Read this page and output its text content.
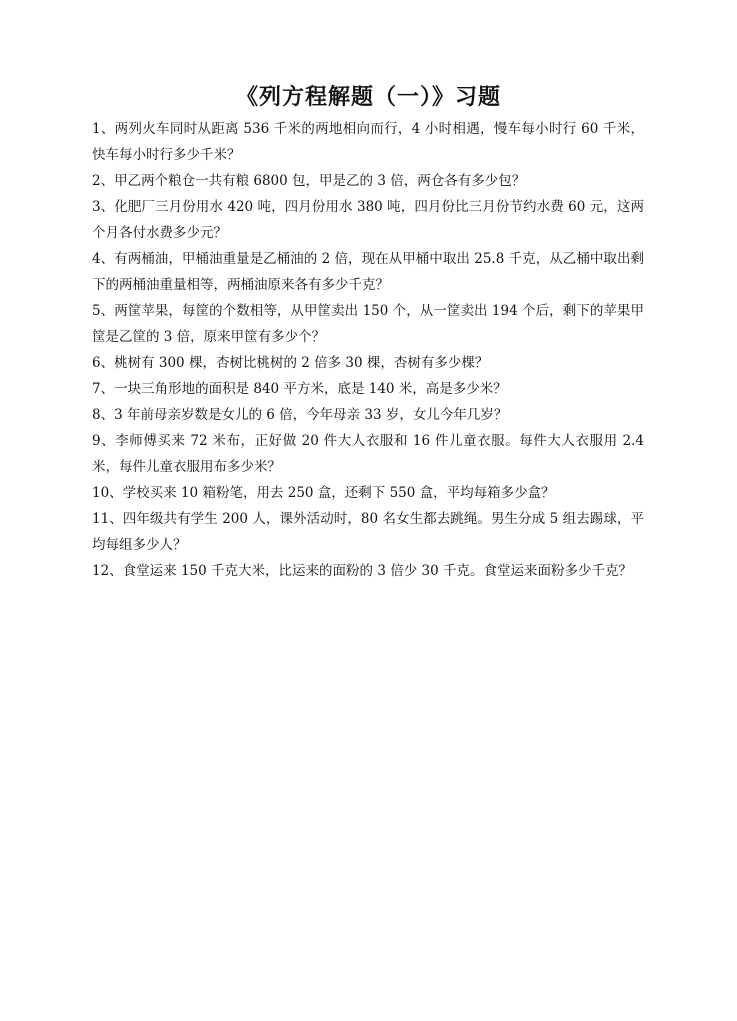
《列方程解题（一）》习题

1、两列火车同时从距离 536 千米的两地相向而行，4 小时相遇，慢车每小时行 60 千米，快车每小时行多少千米？

2、甲乙两个粮仓一共有粮 6800 包，甲是乙的 3 倍，两仓各有多少包？

3、化肥厂三月份用水 420 吨，四月份用水 380 吨，四月份比三月份节约水费 60 元，这两个月各付水费多少元？

4、有两桶油，甲桶油重量是乙桶油的 2 倍，现在从甲桶中取出 25.8 千克，从乙桶中取出剩下的两桶油重量相等，两桶油原来各有多少千克？

5、两筐苹果，每筐的个数相等，从甲筐卖出 150 个，从一筐卖出 194 个后，剩下的苹果甲筐是乙筐的 3 倍，原来甲筐有多少个？

6、桃树有 300 棵，杏树比桃树的 2 倍多 30 棵，杏树有多少棵？

7、一块三角形地的面积是 840 平方米，底是 140 米，高是多少米？

8、3 年前母亲岁数是女儿的 6 倍，今年母亲 33 岁，女儿今年几岁？

9、李师傅买来 72 米布，正好做 20 件大人衣服和 16 件儿童衣服。每件大人衣服用 2.4 米，每件儿童衣服用布多少米？

10、学校买来 10 箱粉笔，用去 250 盒，还剩下 550 盒，平均每箱多少盒？

11、四年级共有学生 200 人，课外活动时，80 名女生都去跳绳。男生分成 5 组去踢球，平均每组多少人？

12、食堂运来 150 千克大米，比运来的面粉的 3 倍少 30 千克。食堂运来面粉多少千克？
